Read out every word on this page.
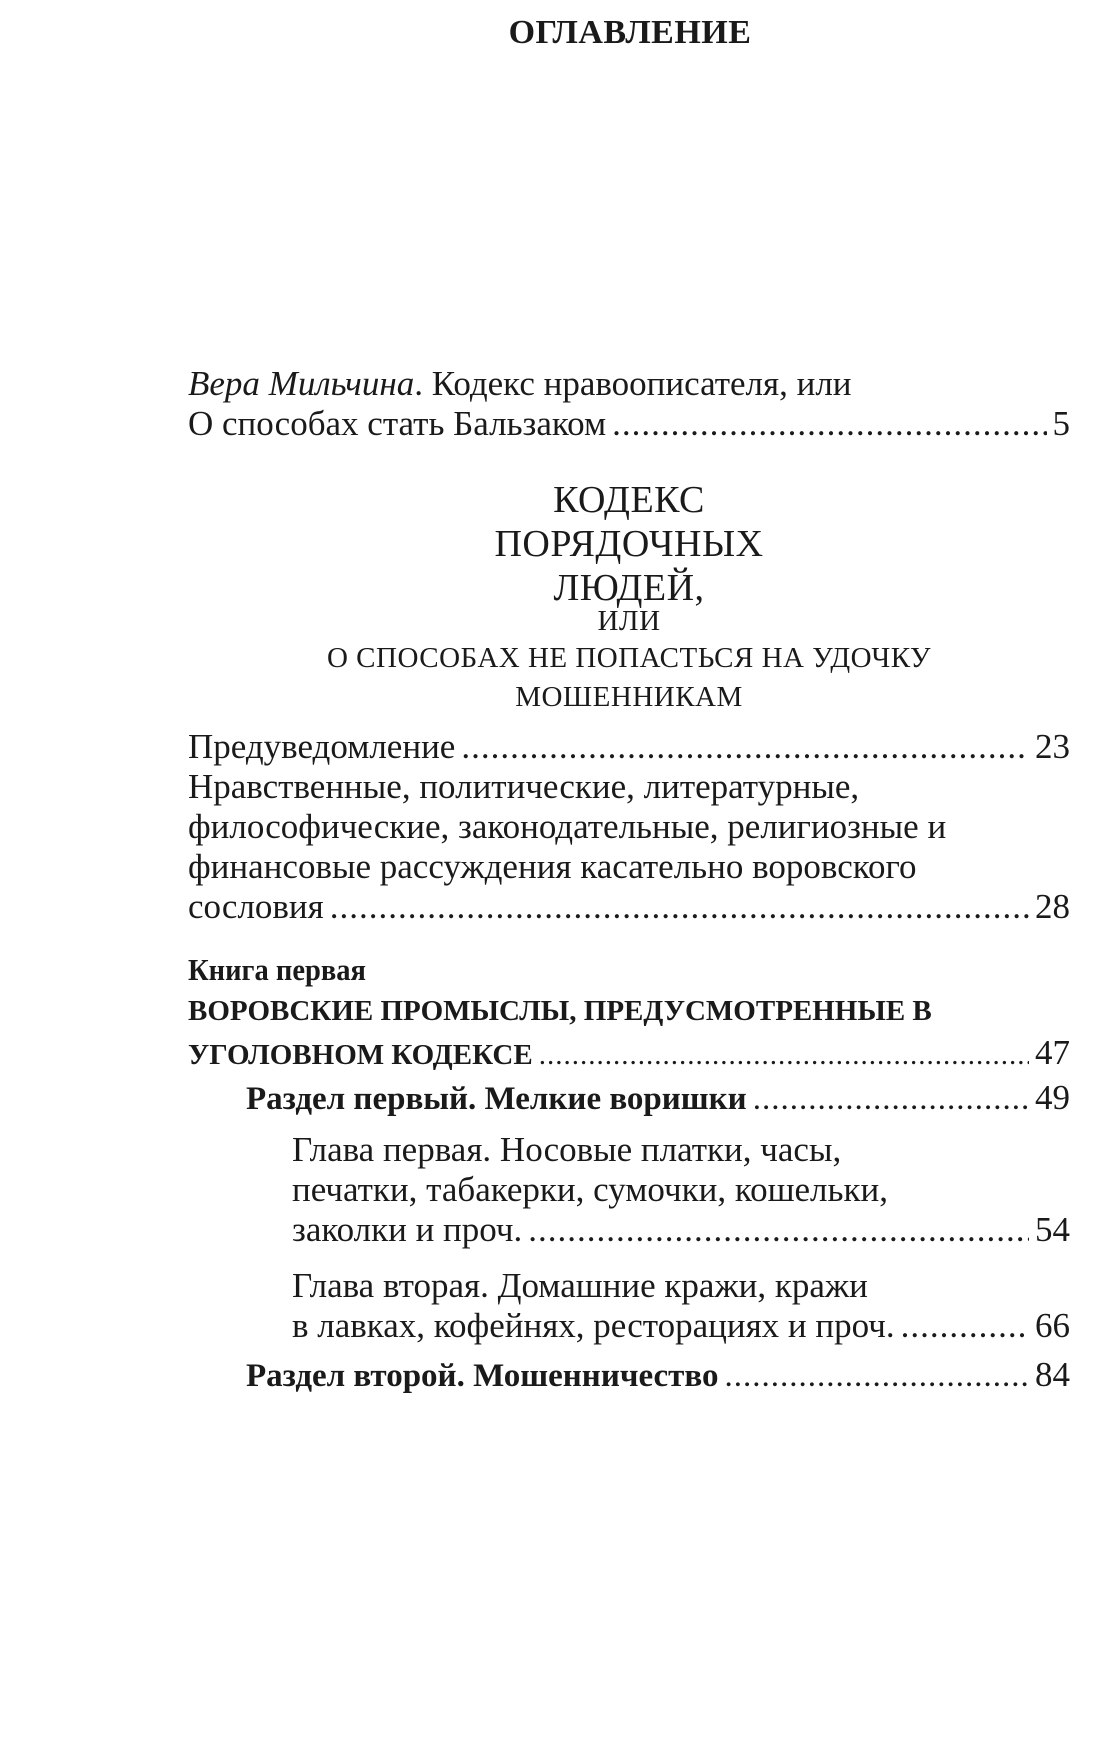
ОГЛАВЛЕНИЕ
Вера Мильчина. Кодекс нравоописателя, или
О способах стать Бальзаком .....	5
КОДЕКС
ПОРЯДОЧНЫХ
ЛЮДЕЙ,
ИЛИ
О СПОСОБАХ НЕ ПОПАСТЬСЯ НА УДОЧКУ
МОШЕННИКАМ
Предуведомление .....	23
Нравственные, политические, литературные,
философические, законодательные, религиозные и
финансовые рассуждения касательно воровского
сословия .....	28
Книга первая
ВОРОВСКИЕ ПРОМЫСЛЫ, ПРЕДУСМОТРЕННЫЕ В
УГОЛОВНОМ КОДЕКСЕ .....	47
Раздел первый. Мелкие воришки .....	49
Глава первая. Носовые платки, часы,
печатки, табакерки, сумочки, кошельки,
заколки и проч. .....	54
Глава вторая. Домашние кражи, кражи
в лавках, кофейнях, ресторациях и проч. .....	66
Раздел второй. Мошенничество .....	84
